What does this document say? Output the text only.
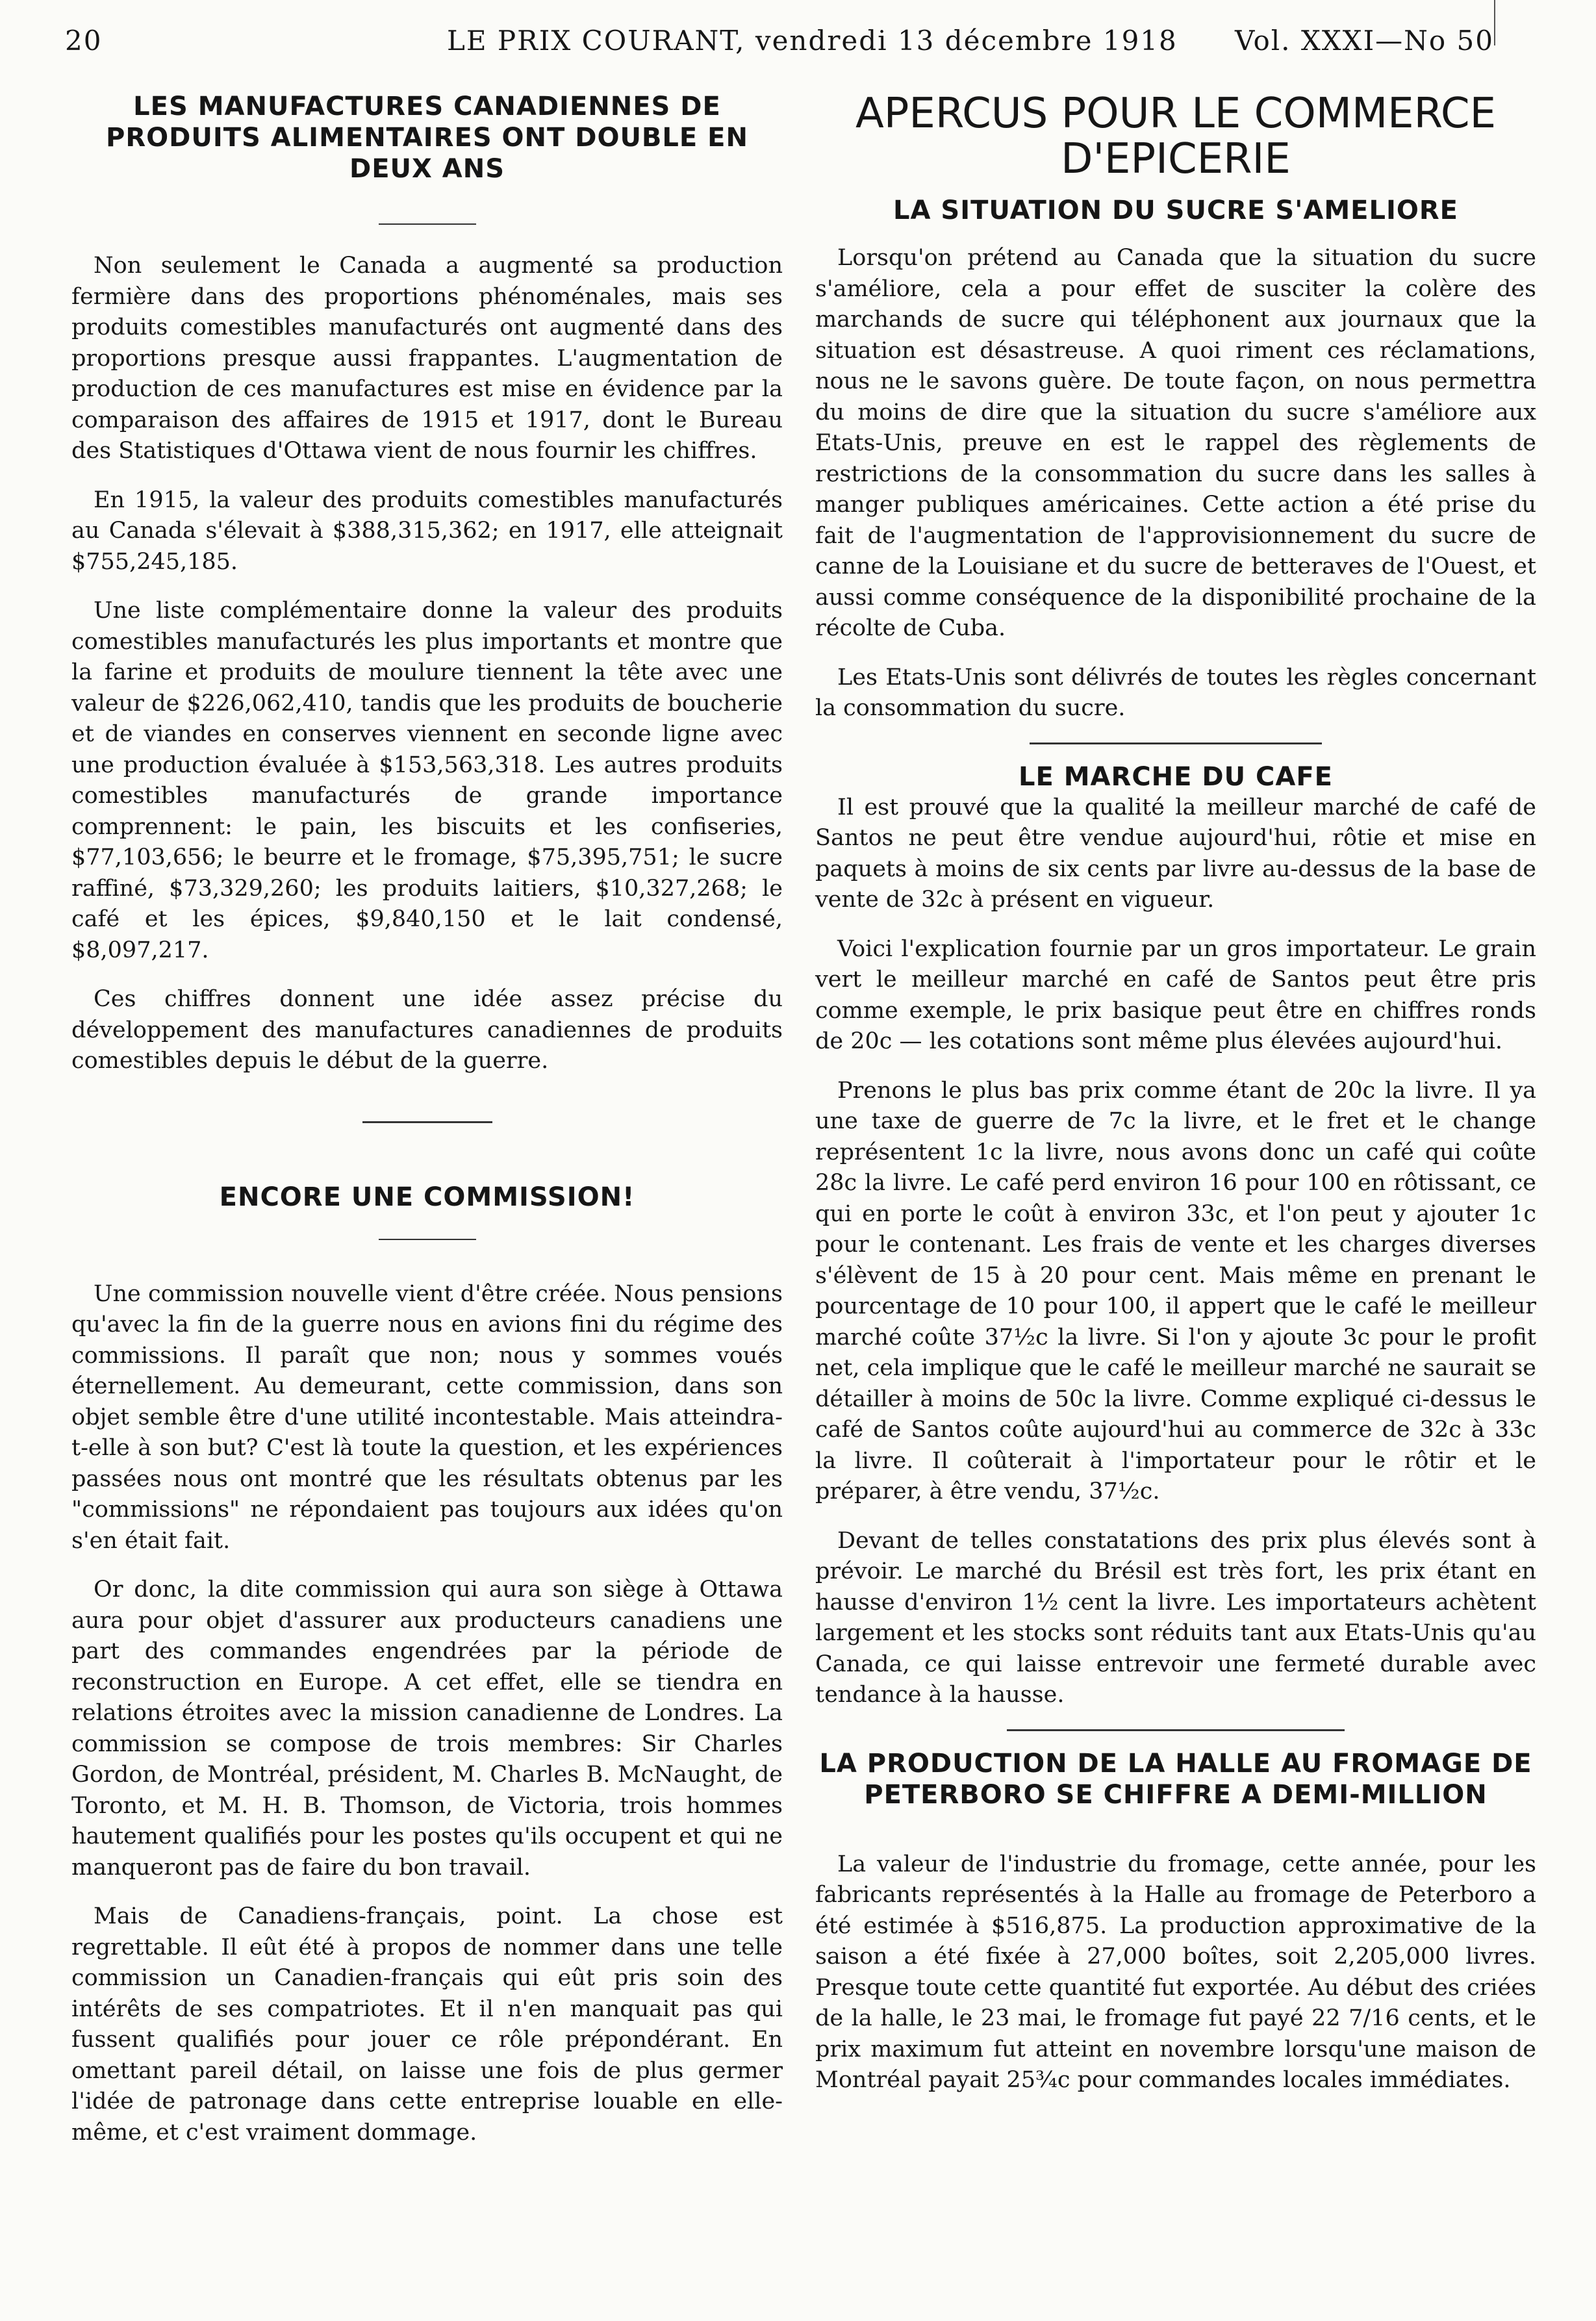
20	LE PRIX COURANT, vendredi 13 décembre 1918 Vol. XXXI—No 50
LES MANUFACTURES CANADIENNES DE PRODUITS ALIMENTAIRES ONT DOUBLE EN DEUX ANS

Non seulement le Canada a augmenté sa production fermière dans des proportions phénoménales, mais ses produits comestibles manufacturés ont augmenté dans des proportions presque aussi frappantes. L'augmentation de production de ces manufactures est mise en évidence par la comparaison des affaires de 1915 et 1917, dont le Bureau des Statistiques d'Ottawa vient de nous fournir les chiffres.

En 1915, la valeur des produits comestibles manufacturés au Canada s'élevait à $388,315,362; en 1917, elle atteignait $755,245,185.

Une liste complémentaire donne la valeur des produits comestibles manufacturés les plus importants et montre que la farine et produits de moulure tiennent la tête avec une valeur de $226,062,410, tandis que les produits de boucherie et de viandes en conserves viennent en seconde ligne avec une production évaluée à $153,563,318. Les autres produits comestibles manufacturés de grande importance comprennent: le pain, les biscuits et les confiseries, $77,103,656; le beurre et le fromage, $75,395,751; le sucre raffiné, $73,329,260; les produits laitiers, $10,327,268; le café et les épices, $9,840,150 et le lait condensé, $8,097,217.

Ces chiffres donnent une idée assez précise du développement des manufactures canadiennes de produits comestibles depuis le début de la guerre.

ENCORE UNE COMMISSION!

Une commission nouvelle vient d'être créée. Nous pensions qu'avec la fin de la guerre nous en avions fini du régime des commissions. Il paraît que non; nous y sommes voués éternellement. Au demeurant, cette commission, dans son objet semble être d'une utilité incontestable. Mais atteindra-t-elle à son but? C'est là toute la question, et les expériences passées nous ont montré que les résultats obtenus par les "commissions" ne répondaient pas toujours aux idées qu'on s'en était fait.

Or donc, la dite commission qui aura son siège à Ottawa aura pour objet d'assurer aux producteurs canadiens une part des commandes engendrées par la période de reconstruction en Europe. A cet effet, elle se tiendra en relations étroites avec la mission canadienne de Londres. La commission se compose de trois membres: Sir Charles Gordon, de Montréal, président, M. Charles B. McNaught, de Toronto, et M. H. B. Thomson, de Victoria, trois hommes hautement qualifiés pour les postes qu'ils occupent et qui ne manqueront pas de faire du bon travail.

Mais de Canadiens-français, point. La chose est regrettable. Il eût été à propos de nommer dans une telle commission un Canadien-français qui eût pris soin des intérêts de ses compatriotes. Et il n'en manquait pas qui fussent qualifiés pour jouer ce rôle prépondérant. En omettant pareil détail, on laisse une fois de plus germer l'idée de patronage dans cette entreprise louable en elle-même, et c'est vraiment dommage.

APERCUS POUR LE COMMERCE D'EPICERIE
LA SITUATION DU SUCRE S'AMELIORE

Lorsqu'on prétend au Canada que la situation du sucre s'améliore, cela a pour effet de susciter la colère des marchands de sucre qui téléphonent aux journaux que la situation est désastreuse. A quoi riment ces réclamations, nous ne le savons guère. De toute façon, on nous permettra du moins de dire que la situation du sucre s'améliore aux Etats-Unis, preuve en est le rappel des règlements de restrictions de la consommation du sucre dans les salles à manger publiques américaines. Cette action a été prise du fait de l'augmentation de l'approvisionnement du sucre de canne de la Louisiane et du sucre de betteraves de l'Ouest, et aussi comme conséquence de la disponibilité prochaine de la récolte de Cuba.

Les Etats-Unis sont délivrés de toutes les règles concernant la consommation du sucre.

LE MARCHE DU CAFE

Il est prouvé que la qualité la meilleur marché de café de Santos ne peut être vendue aujourd'hui, rôtie et mise en paquets à moins de six cents par livre au-dessus de la base de vente de 32c à présent en vigueur.

Voici l'explication fournie par un gros importateur. Le grain vert le meilleur marché en café de Santos peut être pris comme exemple, le prix basique peut être en chiffres ronds de 20c — les cotations sont même plus élevées aujourd'hui.

Prenons le plus bas prix comme étant de 20c la livre. Il ya une taxe de guerre de 7c la livre, et le fret et le change représentent 1c la livre, nous avons donc un café qui coûte 28c la livre. Le café perd environ 16 pour 100 en rôtissant, ce qui en porte le coût à environ 33c, et l'on peut y ajouter 1c pour le contenant. Les frais de vente et les charges diverses s'élèvent de 15 à 20 pour cent. Mais même en prenant le pourcentage de 10 pour 100, il appert que le café le meilleur marché coûte 37½c la livre. Si l'on y ajoute 3c pour le profit net, cela implique que le café le meilleur marché ne saurait se détailler à moins de 50c la livre. Comme expliqué ci-dessus le café de Santos coûte aujourd'hui au commerce de 32c à 33c la livre. Il coûterait à l'importateur pour le rôtir et le préparer, à être vendu, 37½c.

Devant de telles constatations des prix plus élevés sont à prévoir. Le marché du Brésil est très fort, les prix étant en hausse d'environ 1½ cent la livre. Les importateurs achètent largement et les stocks sont réduits tant aux Etats-Unis qu'au Canada, ce qui laisse entrevoir une fermeté durable avec tendance à la hausse.

LA PRODUCTION DE LA HALLE AU FROMAGE DE PETERBORO SE CHIFFRE A DEMI-MILLION

La valeur de l'industrie du fromage, cette année, pour les fabricants représentés à la Halle au fromage de Peterboro a été estimée à $516,875. La production approximative de la saison a été fixée à 27,000 boîtes, soit 2,205,000 livres. Presque toute cette quantité fut exportée. Au début des criées de la halle, le 23 mai, le fromage fut payé 22 7/16 cents, et le prix maximum fut atteint en novembre lorsqu'une maison de Montréal payait 25¾c pour commandes locales immédiates.
